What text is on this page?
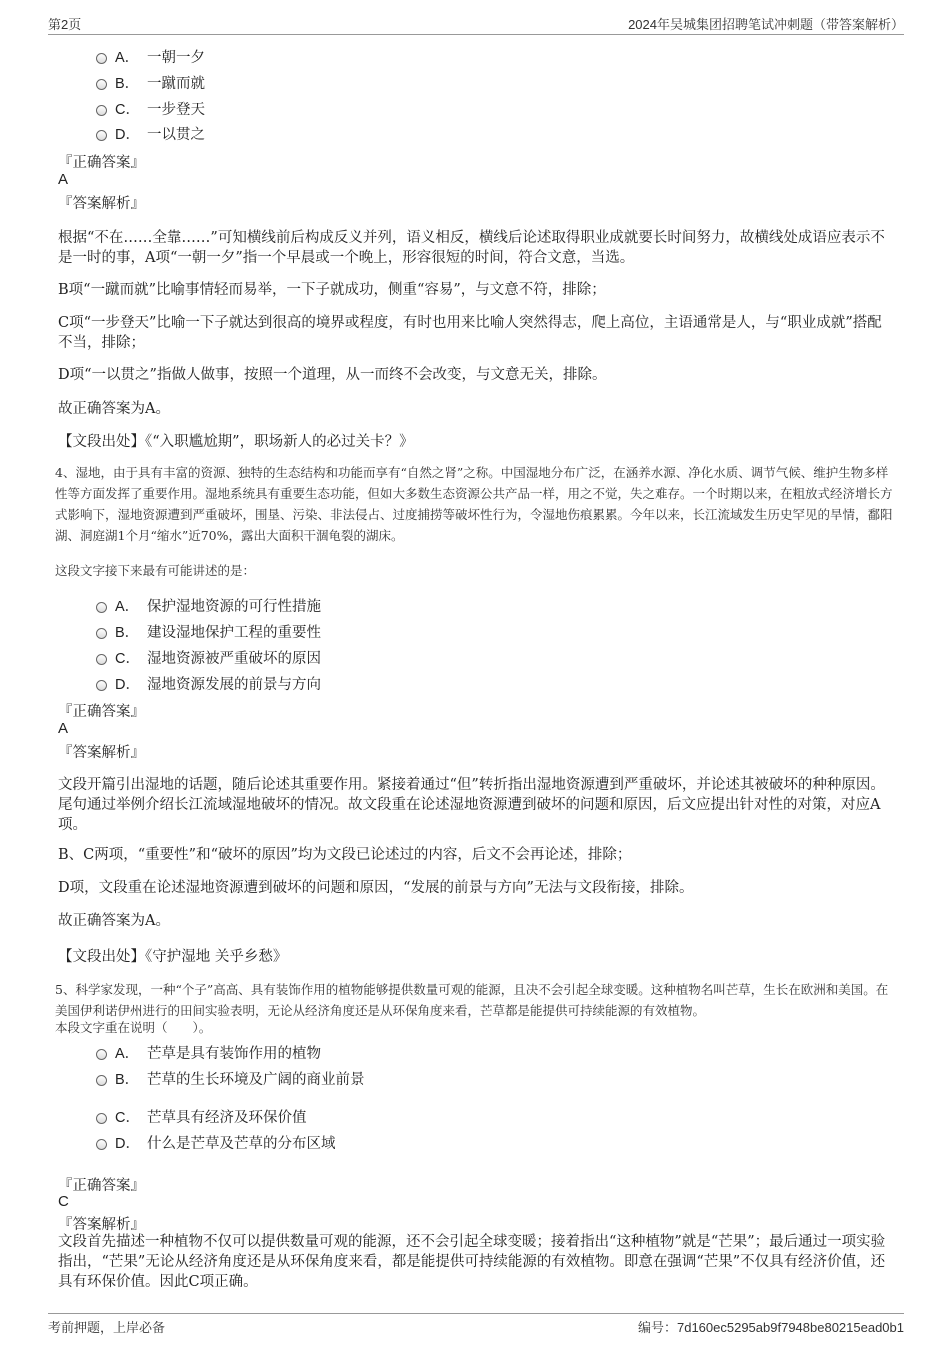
第2页	2024年吴城集团招聘笔试冲刺题（带答案解析）
A． 一朝一夕
B． 一蹴而就
C． 一步登天
D． 一以贯之
『正确答案』
A
『答案解析』
根据“不在……全靠……”可知横线前后构成反义并列，语义相反，横线后论述取得职业成就要长时间努力，故横线处成语应表示不是一时的事，A项“一朝一夕”指一个早晨或一个晚上，形容很短的时间，符合文意，当选。
B项“一蹴而就”比喻事情轻而易举，一下子就成功，侧重“容易”，与文意不符，排除；
C项“一步登天”比喻一下子就达到很高的境界或程度，有时也用来比喻人突然得志，爬上高位，主语通常是人，与“职业成就”搭配不当，排除；
D项“一以贯之”指做人做事，按照一个道理，从一而终不会改变，与文意无关，排除。
故正确答案为A。
【文段出处】《“入职尴尬期”，职场新人的必过关卡？》
4、湿地，由于具有丰富的资源、独特的生态结构和功能而享有“自然之肾”之称。中国湿地分布广泛，在涵养水源、净化水质、调节气候、维护生物多样性等方面发挥了重要作用。湿地系统具有重要生态功能，但如大多数生态资源公共产品一样，用之不觉，失之难存。一个时期以来，在粗放式经济增长方式影响下，湿地资源遭到严重破坏，围垦、污染、非法侵占、过度捕捞等破坏性行为，令湿地伤痕累累。今年以来，长江流域发生历史罕见的旱情，鄱阳湖、洞庭湖1个月“缩水”近70%，露出大面积干涸龟裂的湖床。
这段文字接下来最有可能讲述的是：
A． 保护湿地资源的可行性措施
B． 建设湿地保护工程的重要性
C． 湿地资源被严重破坏的原因
D． 湿地资源发展的前景与方向
『正确答案』
A
『答案解析』
文段开篇引出湿地的话题，随后论述其重要作用。紧接着通过“但”转折指出湿地资源遭到严重破坏，并论述其被破坏的种种原因。尾句通过举例介绍长江流域湿地破坏的情况。故文段重在论述湿地资源遭到破坏的问题和原因，后文应提出针对性的对策，对应A项。
B、C两项，“重要性”和“破坏的原因”均为文段已论述过的内容，后文不会再论述，排除；
D项，文段重在论述湿地资源遭到破坏的问题和原因，“发展的前景与方向”无法与文段衔接，排除。
故正确答案为A。
【文段出处】《守护湿地 关乎乡愁》
5、科学家发现，一种“个子”高高、具有装饰作用的植物能够提供数量可观的能源，且决不会引起全球变暖。这种植物名叫芒草，生长在欧洲和美国。在美国伊利诺伊州进行的田间实验表明，无论从经济角度还是从环保角度来看，芒草都是能提供可持续能源的有效植物。
本段文字重在说明（　　）。
A． 芒草是具有装饰作用的植物
B． 芒草的生长环境及广阔的商业前景
C． 芒草具有经济及环保价值
D． 什么是芒草及芒草的分布区域
『正确答案』
C
『答案解析』
文段首先描述一种植物不仅可以提供数量可观的能源，还不会引起全球变暖；接着指出“这种植物”就是“芒果”；最后通过一项实验指出，“芒果”无论从经济角度还是从环保角度来看，都是能提供可持续能源的有效植物。即意在强调“芒果”不仅具有经济价值，还具有环保价值。因此C项正确。
考前押题，上岸必备	编号：7d160ec5295ab9f7948be80215ead0b1
